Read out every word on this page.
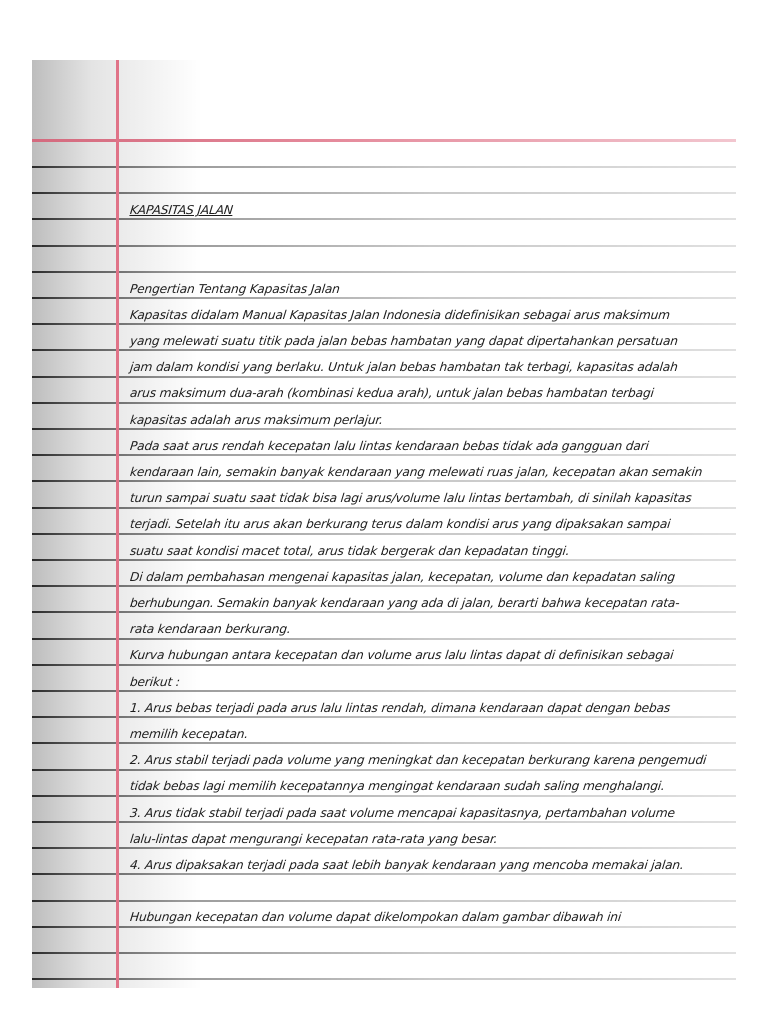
KAPASITAS JALAN
Pengertian Tentang Kapasitas Jalan
Kapasitas didalam Manual Kapasitas Jalan Indonesia didefinisikan sebagai arus maksimum
yang melewati suatu titik pada jalan bebas hambatan yang dapat dipertahankan persatuan
jam dalam kondisi yang berlaku. Untuk jalan bebas hambatan tak terbagi, kapasitas adalah
arus maksimum dua-arah (kombinasi kedua arah), untuk jalan bebas hambatan terbagi
kapasitas adalah arus maksimum perlajur.
Pada saat arus rendah kecepatan lalu lintas kendaraan bebas tidak ada gangguan dari
kendaraan lain, semakin banyak kendaraan yang melewati ruas jalan, kecepatan akan semakin
turun sampai suatu saat tidak bisa lagi arus/volume lalu lintas bertambah, di sinilah kapasitas
terjadi. Setelah itu arus akan berkurang terus dalam kondisi arus yang dipaksakan sampai
suatu saat kondisi macet total, arus tidak bergerak dan kepadatan tinggi.
Di dalam pembahasan mengenai kapasitas jalan, kecepatan, volume dan kepadatan saling
berhubungan. Semakin banyak kendaraan yang ada di jalan, berarti bahwa kecepatan rata-
rata kendaraan berkurang.
Kurva hubungan antara kecepatan dan volume arus lalu lintas dapat di definisikan sebagai
berikut :
1. Arus bebas terjadi pada arus lalu lintas rendah, dimana kendaraan dapat dengan bebas
memilih kecepatan.
2. Arus stabil terjadi pada volume yang meningkat dan kecepatan berkurang karena pengemudi
tidak bebas lagi memilih kecepatannya mengingat kendaraan sudah saling menghalangi.
3. Arus tidak stabil terjadi pada saat volume mencapai kapasitasnya, pertambahan volume
lalu-lintas dapat mengurangi kecepatan rata-rata yang besar.
4. Arus dipaksakan terjadi pada saat lebih banyak kendaraan yang mencoba memakai jalan.
Hubungan kecepatan dan volume dapat dikelompokan dalam gambar dibawah ini
